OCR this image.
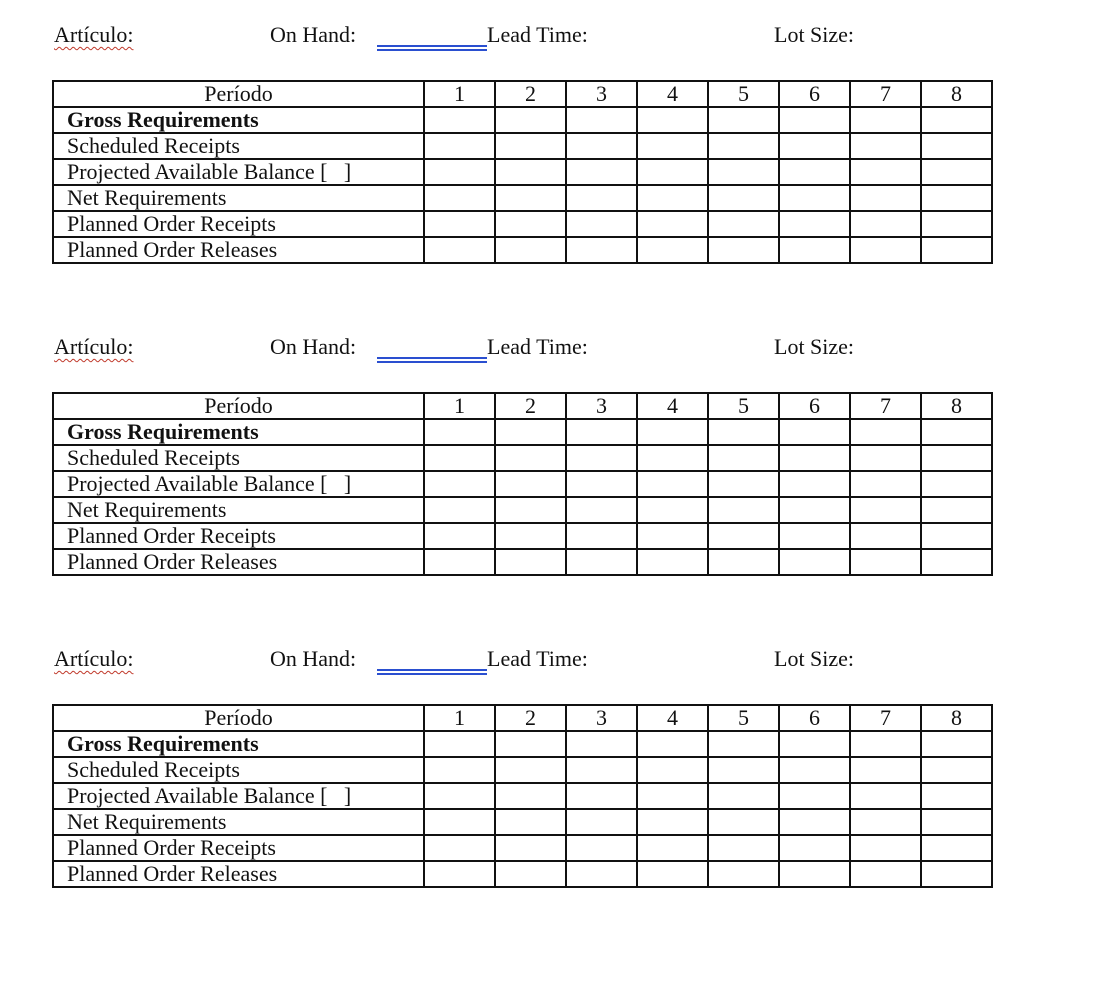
Artículo:	On Hand:	Lead Time:	Lot Size:
Período	1	2	3	4	5	6	7	8
Gross Requirements								
Scheduled Receipts								
Projected Available Balance [   ]								
Net Requirements								
Planned Order Receipts								
Planned Order Releases								
Artículo:	On Hand:	Lead Time:	Lot Size:
Período	1	2	3	4	5	6	7	8
Gross Requirements								
Scheduled Receipts								
Projected Available Balance [   ]								
Net Requirements								
Planned Order Receipts								
Planned Order Releases								
Artículo:	On Hand:	Lead Time:	Lot Size:
Período	1	2	3	4	5	6	7	8
Gross Requirements								
Scheduled Receipts								
Projected Available Balance [   ]								
Net Requirements								
Planned Order Receipts								
Planned Order Releases								
